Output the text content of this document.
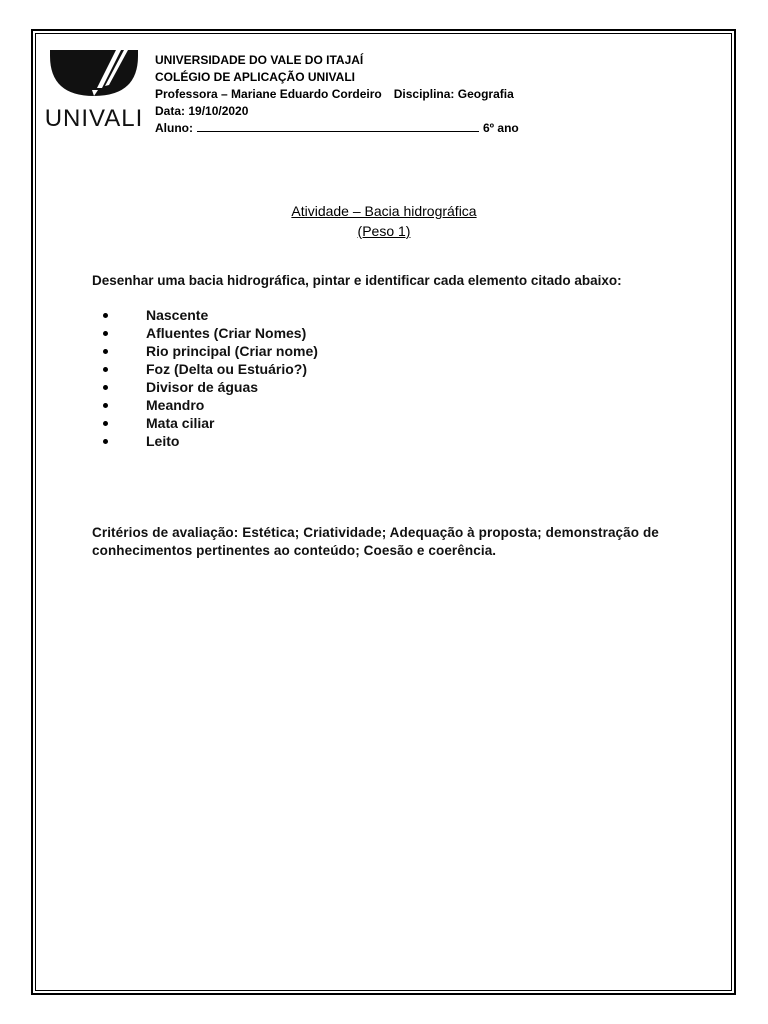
UNIVALI
UNIVERSIDADE DO VALE DO ITAJAÍ
COLÉGIO DE APLICAÇÃO UNIVALI
Professora – Mariane Eduardo Cordeiro Disciplina: Geografia
Data: 19/10/2020
Aluno:	6º ano
Atividade – Bacia hidrográfica
(Peso 1)
Desenhar uma bacia hidrográfica, pintar e identificar cada elemento citado abaixo:
Nascente
Afluentes (Criar Nomes)
Rio principal (Criar nome)
Foz (Delta ou Estuário?)
Divisor de águas
Meandro
Mata ciliar
Leito
Critérios de avaliação: Estética; Criatividade; Adequação à proposta; demonstração de conhecimentos pertinentes ao conteúdo; Coesão e coerência.
